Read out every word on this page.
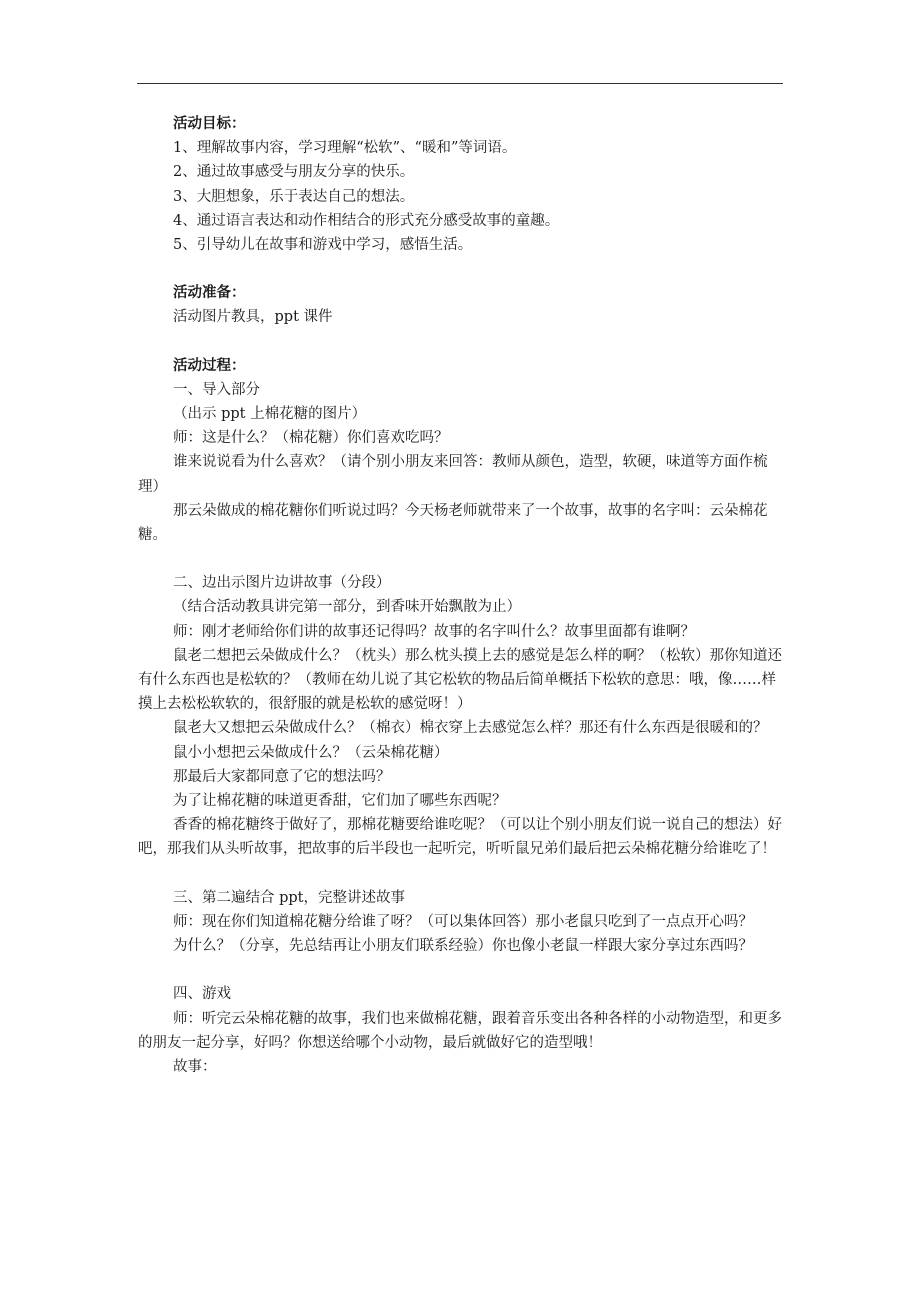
活动目标：

1、理解故事内容，学习理解“松软”、“暖和”等词语。

2、通过故事感受与朋友分享的快乐。

3、大胆想象，乐于表达自己的想法。

4、通过语言表达和动作相结合的形式充分感受故事的童趣。

5、引导幼儿在故事和游戏中学习，感悟生活。

活动准备：

活动图片教具，ppt 课件

活动过程：

一、导入部分

（出示 ppt 上棉花糖的图片）

师：这是什么？（棉花糖）你们喜欢吃吗？

谁来说说看为什么喜欢？（请个别小朋友来回答：教师从颜色，造型，软硬，味道等方面作梳理）

那云朵做成的棉花糖你们听说过吗？今天杨老师就带来了一个故事，故事的名字叫：云朵棉花糖。

二、边出示图片边讲故事（分段）

（结合活动教具讲完第一部分，到香味开始飘散为止）

师：刚才老师给你们讲的故事还记得吗？故事的名字叫什么？故事里面都有谁啊？

鼠老二想把云朵做成什么？（枕头）那么枕头摸上去的感觉是怎么样的啊？（松软）那你知道还有什么东西也是松软的？（教师在幼儿说了其它松软的物品后简单概括下松软的意思：哦，像……样摸上去松松软软的，很舒服的就是松软的感觉呀！）

鼠老大又想把云朵做成什么？（棉衣）棉衣穿上去感觉怎么样？那还有什么东西是很暖和的？

鼠小小想把云朵做成什么？（云朵棉花糖）

那最后大家都同意了它的想法吗？

为了让棉花糖的味道更香甜，它们加了哪些东西呢？

香香的棉花糖终于做好了，那棉花糖要给谁吃呢？（可以让个别小朋友们说一说自己的想法）好吧，那我们从头听故事，把故事的后半段也一起听完，听听鼠兄弟们最后把云朵棉花糖分给谁吃了！

三、第二遍结合 ppt，完整讲述故事

师：现在你们知道棉花糖分给谁了呀？（可以集体回答）那小老鼠只吃到了一点点开心吗？

为什么？（分享，先总结再让小朋友们联系经验）你也像小老鼠一样跟大家分享过东西吗？

四、游戏

师：听完云朵棉花糖的故事，我们也来做棉花糖，跟着音乐变出各种各样的小动物造型，和更多的朋友一起分享，好吗？你想送给哪个小动物，最后就做好它的造型哦！

故事：
